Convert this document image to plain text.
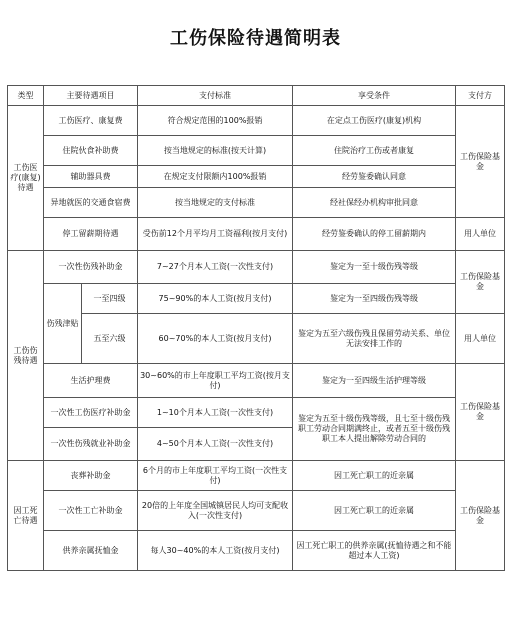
工伤保险待遇简明表
类型	主要待遇项目		支付标准	享受条件	支付方
工伤医疗(康复)待遇	工伤医疗、康复费		符合规定范围的100%报销	在定点工伤医疗(康复)机构	工伤保险基金
	住院伙食补助费		按当地规定的标准(按天计算)	住院治疗工伤或者康复	
	辅助器具费		在规定支付限额内100%报销	经劳鉴委确认同意	
	异地就医的交通食宿费		按当地规定的支付标准	经社保经办机构审批同意	
	停工留薪期待遇		受伤前12个月平均月工资福利(按月支付)	经劳鉴委确认的停工留薪期内	用人单位
工伤伤残待遇	一次性伤残补助金		7~27个月本人工资(一次性支付)	鉴定为一至十级伤残等级	工伤保险基金
	伤残津贴	一至四级	75~90%的本人工资(按月支付)	鉴定为一至四级伤残等级	
		五至六级	60~70%的本人工资(按月支付)	鉴定为五至六级伤残且保留劳动关系、单位无法安排工作的	用人单位
	生活护理费		30~60%的市上年度职工平均工资(按月支付)	鉴定为一至四级生活护理等级	工伤保险基金
	一次性工伤医疗补助金		1~10个月本人工资(一次性支付)	鉴定为五至十级伤残等级，且七至十级伤残职工劳动合同期满终止，或者五至十级伤残职工本人提出解除劳动合同的	
	一次性伤残就业补助金		4~50个月本人工资(一次性支付)		
因工死亡待遇	丧葬补助金		6个月的市上年度职工平均工资(一次性支付)	因工死亡职工的近亲属	工伤保险基金
	一次性工亡补助金		20倍的上年度全国城镇居民人均可支配收入(一次性支付)	因工死亡职工的近亲属	
	供养亲属抚恤金		每人30~40%的本人工资(按月支付)	因工死亡职工的供养亲属(抚恤待遇之和不能超过本人工资)	
